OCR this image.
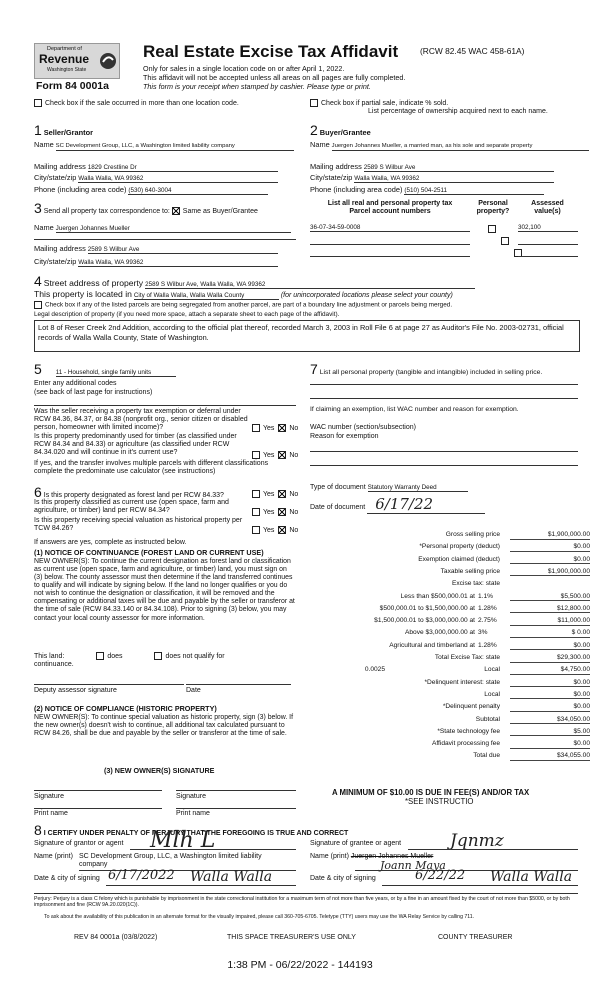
Department of
Revenue
Washington State
Form 84 0001a
Real Estate Excise Tax Affidavit	(RCW 82.45 WAC 458-61A)
Only for sales in a single location code on or after April 1, 2022.
This affidavit will not be accepted unless all areas on all pages are fully completed.
This form is your receipt when stamped by cashier. Please type or print.
Check box if the sale occurred in more than one location code.	Check box if partial sale, indicate % sold.
List percentage of ownership acquired next to each name.
1 Seller/Grantor
Name SC Development Group, LLC, a Washington limited liability company
Mailing address 1829 Crestline Dr
City/state/zip Walla Walla, WA 99362
Phone (including area code) (530) 640-3004
2 Buyer/Grantee
Name Juergen Johannes Mueller, a married man, as his sole and separate property
Mailing address 2589 S Wilbur Ave
City/state/zip Walla Walla, WA 99362
Phone (including area code) (510) 504-2511
3 Send all property tax correspondence to: Same as Buyer/Grantee
Name Juergen Johannes Mueller
Mailing address 2589 S Wilbur Ave
City/state/zip Walla Walla, WA 99362
List all real and personal property tax
Parcel account numbers
Personal
property?
Assessed
value(s)
36-07-34-59-0008
	302,100

4 Street address of property 2589 S Wilbur Ave, Walla Walla, WA 99362
This property is located in City of Walla Walla, Walla Walla County	(for unincorporated locations please select your county)
Check box if any of the listed parcels are being segregated from another parcel, are part of a boundary line adjustment or parcels being merged.
Legal description of property (if you need more space, attach a separate sheet to each page of the affidavit).
Lot 8 of Reser Creek 2nd Addition, according to the official plat thereof, recorded March 3, 2003 in Roll File 6 at page 27 as Auditor's File No. 2003-02731, official records of Walla Walla County, State of Washington.
5 11 - Household, single family units
Enter any additional codes
(see back of last page for instructions)
Was the seller receiving a property tax exemption or deferral under RCW 84.36, 84.37, or 84.38 (nonprofit org., senior citizen or disabled person, homeowner with limited income)?	Yes No
Is this property predominantly used for timber (as classified under RCW 84.34 and 84.33) or agriculture (as classified under RCW 84.34.020 and will continue in it's current use?	Yes No
If yes, and the transfer involves multiple parcels with different classifications complete the predominate use calculator (see instructions)
7 List all personal property (tangible and intangible) included in selling price.
If claiming an exemption, list WAC number and reason for exemption.
WAC number (section/subsection)
Reason for exemption
6 Is this property designated as forest land per RCW 84.33?	Yes No
Is this property classified as current use (open space, farm and agriculture, or timber) land per RCW 84.34?	Yes No
Is this property receiving special valuation as historical property per TCW 84.26?	Yes No
If answers are yes, complete as instructed below.
(1) NOTICE OF CONTINUANCE (FOREST LAND OR CURRENT USE)
NEW OWNER(S): To continue the current designation as forest land or classification as current use (open space, farm and agriculture, or timber) land, you must sign on (3) below. The county assessor must then determine if the land transferred continues to qualify and will indicate by signing below. If the land no longer qualifies or you do not wish to continue the designation or classification, it will be removed and the compensating or additional taxes will be due and payable by the seller or transferor at the time of sale (RCW 84.33.140 or 84.34.108). Prior to signing (3) below, you may contact your local county assessor for more information.
This land:	does	does not qualify for
continuance.
Deputy assessor signature	Date
(2) NOTICE OF COMPLIANCE (HISTORIC PROPERTY)
NEW OWNER(S): To continue special valuation as historic property, sign (3) below. If the new owner(s) doesn't wish to continue, all additional tax calculated pursuant to RCW 84.26, shall be due and payable by the seller or transferor at the time of sale.
(3) NEW OWNER(S) SIGNATURE
Signature	Signature
Print name	Print name
Type of document Statutory Warranty Deed
Date of document 6/17/22
Gross selling price	$1,900,000.00
*Personal property (deduct)	$0.00
Exemption claimed (deduct)	$0.00
Taxable selling price	$1,900,000.00
Excise tax: state
Less than $500,000.01 at 1.1%	$5,500.00
$500,000.01 to $1,500,000.00 at 1.28%	$12,800.00
$1,500,000.01 to $3,000,000.00 at 2.75%	$11,000.00
Above $3,000,000.00 at 3%	$ 0.00
Agricultural and timberland at 1.28%	$0.00
Total Excise Tax: state	$29,300.00
Local
0.0025	$4,750.00
*Delinquent interest: state	$0.00
Local	$0.00
*Delinquent penalty	$0.00
Subtotal	$34,050.00
*State technology fee	$5.00
Affidavit processing fee	$0.00
Total due	$34,055.00
A MINIMUM OF $10.00 IS DUE IN FEE(S) AND/OR TAX
*SEE INSTRUCTIO
8 I CERTIFY UNDER PENALTY OF PERJURY THAT THE FOREGOING IS TRUE AND CORRECT
Signature of grantor or agent Mlh L
Name (print) SC Development Group, LLC, a Washington limited liability company
Date & city of signing 6/17/2022 Walla Walla
Signature of grantee or agent	Jqnmz
Name (print) Juergen Johannes Mueller
Joann Maya
Date & city of signing	6/22/22 Walla Walla
Perjury: Perjury is a class C felony which is punishable by imprisonment in the state correctional institution for a maximum term of not more than five years, or by a fine in an amount fixed by the court of not more than $5000, or by both imprisonment and fine (RCW 9A.20.020(1C)).
To ask about the availability of this publication in an alternate format for the visually impaired, please call 360-705-6705. Teletype (TTY) users may use the WA Relay Service by calling 711.
REV 84 0001a (03/8/2022)	THIS SPACE TREASURER'S USE ONLY	COUNTY TREASURER
1:38 PM - 06/22/2022 - 144193
